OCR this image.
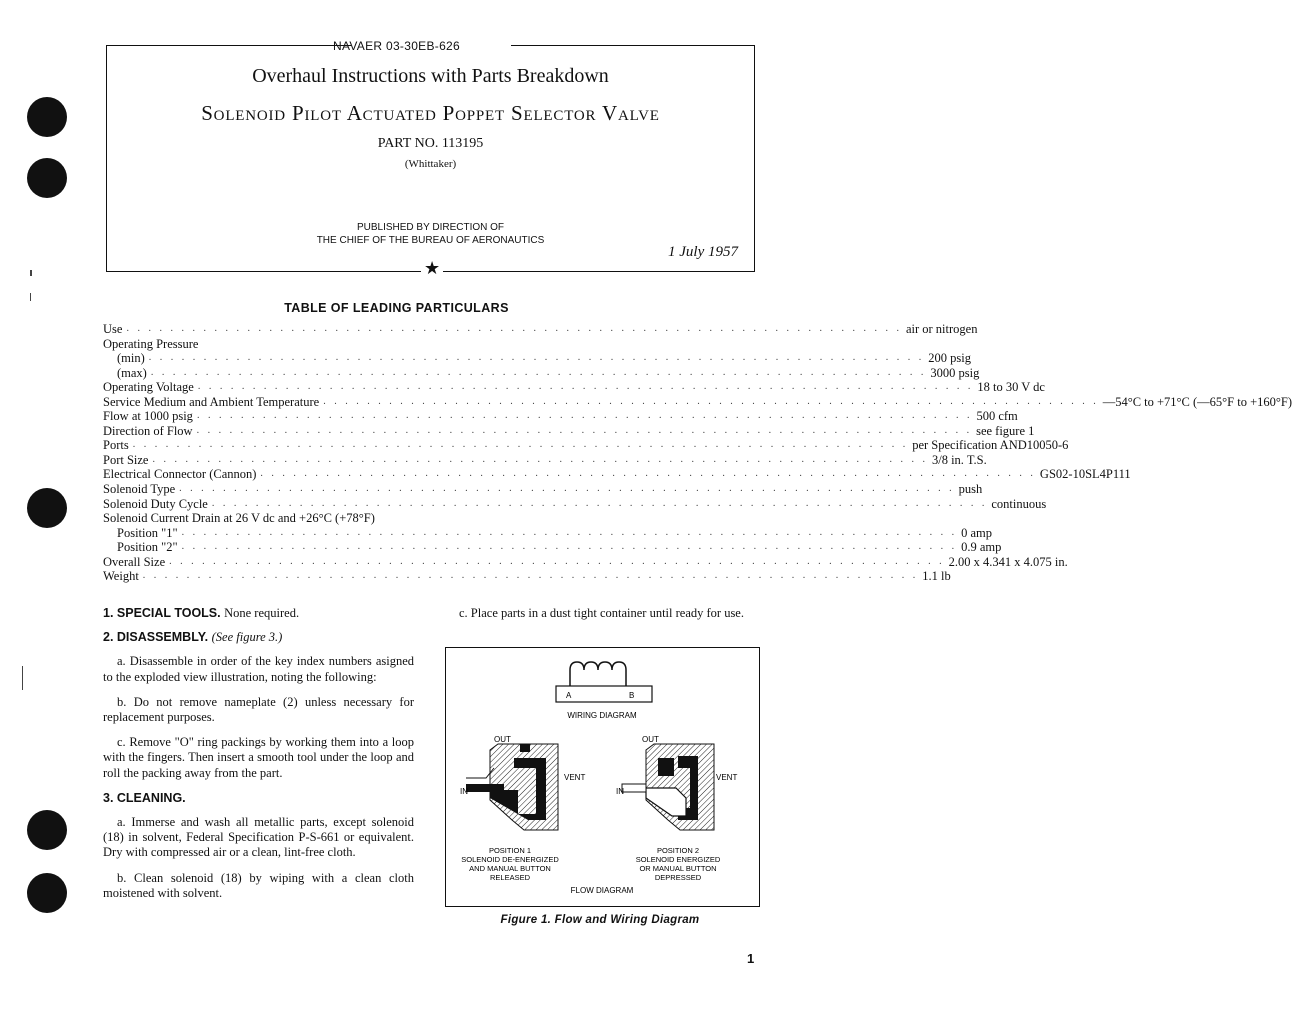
NAVAER 03-30EB-626
Overhaul Instructions with Parts Breakdown
Solenoid Pilot Actuated Poppet Selector Valve
PART NO. 113195
(Whittaker)
PUBLISHED BY DIRECTION OF
THE CHIEF OF THE BUREAU OF AERONAUTICS
1 July 1957
★
TABLE OF LEADING PARTICULARS
Use . . . . . . . . . . . . . . . . . . . . . . . . . . . . . . . . . . . . . . . . . . . . . . . . . . . . . . . . . . . . . . . . . . . . . . . air or nitrogen
Operating Pressure
(min) . . . . . . . . . . . . . . . . . . . . . . . . . . . . . . . . . . . . . . . . . . . . . . . . . . . . . . . . . . . . . . . . . . . . . . . 200 psig
(max) . . . . . . . . . . . . . . . . . . . . . . . . . . . . . . . . . . . . . . . . . . . . . . . . . . . . . . . . . . . . . . . . . . . . . . . 3000 psig
Operating Voltage . . . . . . . . . . . . . . . . . . . . . . . . . . . . . . . . . . . . . . . . . . . . . . . . . . . . . . . . . . . . . . . . . . . . . . . 18 to 30 V dc
Service Medium and Ambient Temperature . . . . . . . . . . . . . . . . . . . . . . . . . . . . . . . . . . . . . . . . . . . . . . . . . . . . . . . . . . . . . . . . . . . . . . . —54°C to +71°C (—65°F to +160°F)
Flow at 1000 psig . . . . . . . . . . . . . . . . . . . . . . . . . . . . . . . . . . . . . . . . . . . . . . . . . . . . . . . . . . . . . . . . . . . . . . . 500 cfm
Direction of Flow . . . . . . . . . . . . . . . . . . . . . . . . . . . . . . . . . . . . . . . . . . . . . . . . . . . . . . . . . . . . . . . . . . . . . . . see figure 1
Ports . . . . . . . . . . . . . . . . . . . . . . . . . . . . . . . . . . . . . . . . . . . . . . . . . . . . . . . . . . . . . . . . . . . . . . . per Specification AND10050-6
Port Size . . . . . . . . . . . . . . . . . . . . . . . . . . . . . . . . . . . . . . . . . . . . . . . . . . . . . . . . . . . . . . . . . . . . . . . 3/8 in. T.S.
Electrical Connector (Cannon) . . . . . . . . . . . . . . . . . . . . . . . . . . . . . . . . . . . . . . . . . . . . . . . . . . . . . . . . . . . . . . . . . . . . . . . GS02-10SL4P111
Solenoid Type . . . . . . . . . . . . . . . . . . . . . . . . . . . . . . . . . . . . . . . . . . . . . . . . . . . . . . . . . . . . . . . . . . . . . . . push
Solenoid Duty Cycle . . . . . . . . . . . . . . . . . . . . . . . . . . . . . . . . . . . . . . . . . . . . . . . . . . . . . . . . . . . . . . . . . . . . . . . continuous
Solenoid Current Drain at 26 V dc and +26°C (+78°F)
Position "1" . . . . . . . . . . . . . . . . . . . . . . . . . . . . . . . . . . . . . . . . . . . . . . . . . . . . . . . . . . . . . . . . . . . . . . . 0 amp
Position "2" . . . . . . . . . . . . . . . . . . . . . . . . . . . . . . . . . . . . . . . . . . . . . . . . . . . . . . . . . . . . . . . . . . . . . . . 0.9 amp
Overall Size . . . . . . . . . . . . . . . . . . . . . . . . . . . . . . . . . . . . . . . . . . . . . . . . . . . . . . . . . . . . . . . . . . . . . . . 2.00 x 4.341 x 4.075 in.
Weight . . . . . . . . . . . . . . . . . . . . . . . . . . . . . . . . . . . . . . . . . . . . . . . . . . . . . . . . . . . . . . . . . . . . . . . 1.1 lb
1. SPECIAL TOOLS. None required.
2. DISASSEMBLY. (See figure 3.)

a. Disassemble in order of the key index numbers asigned to the exploded view illustration, noting the following:

b. Do not remove nameplate (2) unless necessary for replacement purposes.

c. Remove "O" ring packings by working them into a loop with the fingers. Then insert a smooth tool under the loop and roll the packing away from the part.

3. CLEANING.

a. Immerse and wash all metallic parts, except solenoid (18) in solvent, Federal Specification P-S-661 or equivalent. Dry with compressed air or a clean, lint-free cloth.

b. Clean solenoid (18) by wiping with a clean cloth moistened with solvent.

c. Place parts in a dust tight container until ready for use.

A	B
WIRING DIAGRAM
OUT
IN
VENT
OUT
IN
VENT
POSITION 1
SOLENOID DE-ENERGIZED
AND MANUAL BUTTON
RELEASED
POSITION 2
SOLENOID ENERGIZED
OR MANUAL BUTTON
DEPRESSED
FLOW DIAGRAM
Figure 1. Flow and Wiring Diagram
1
